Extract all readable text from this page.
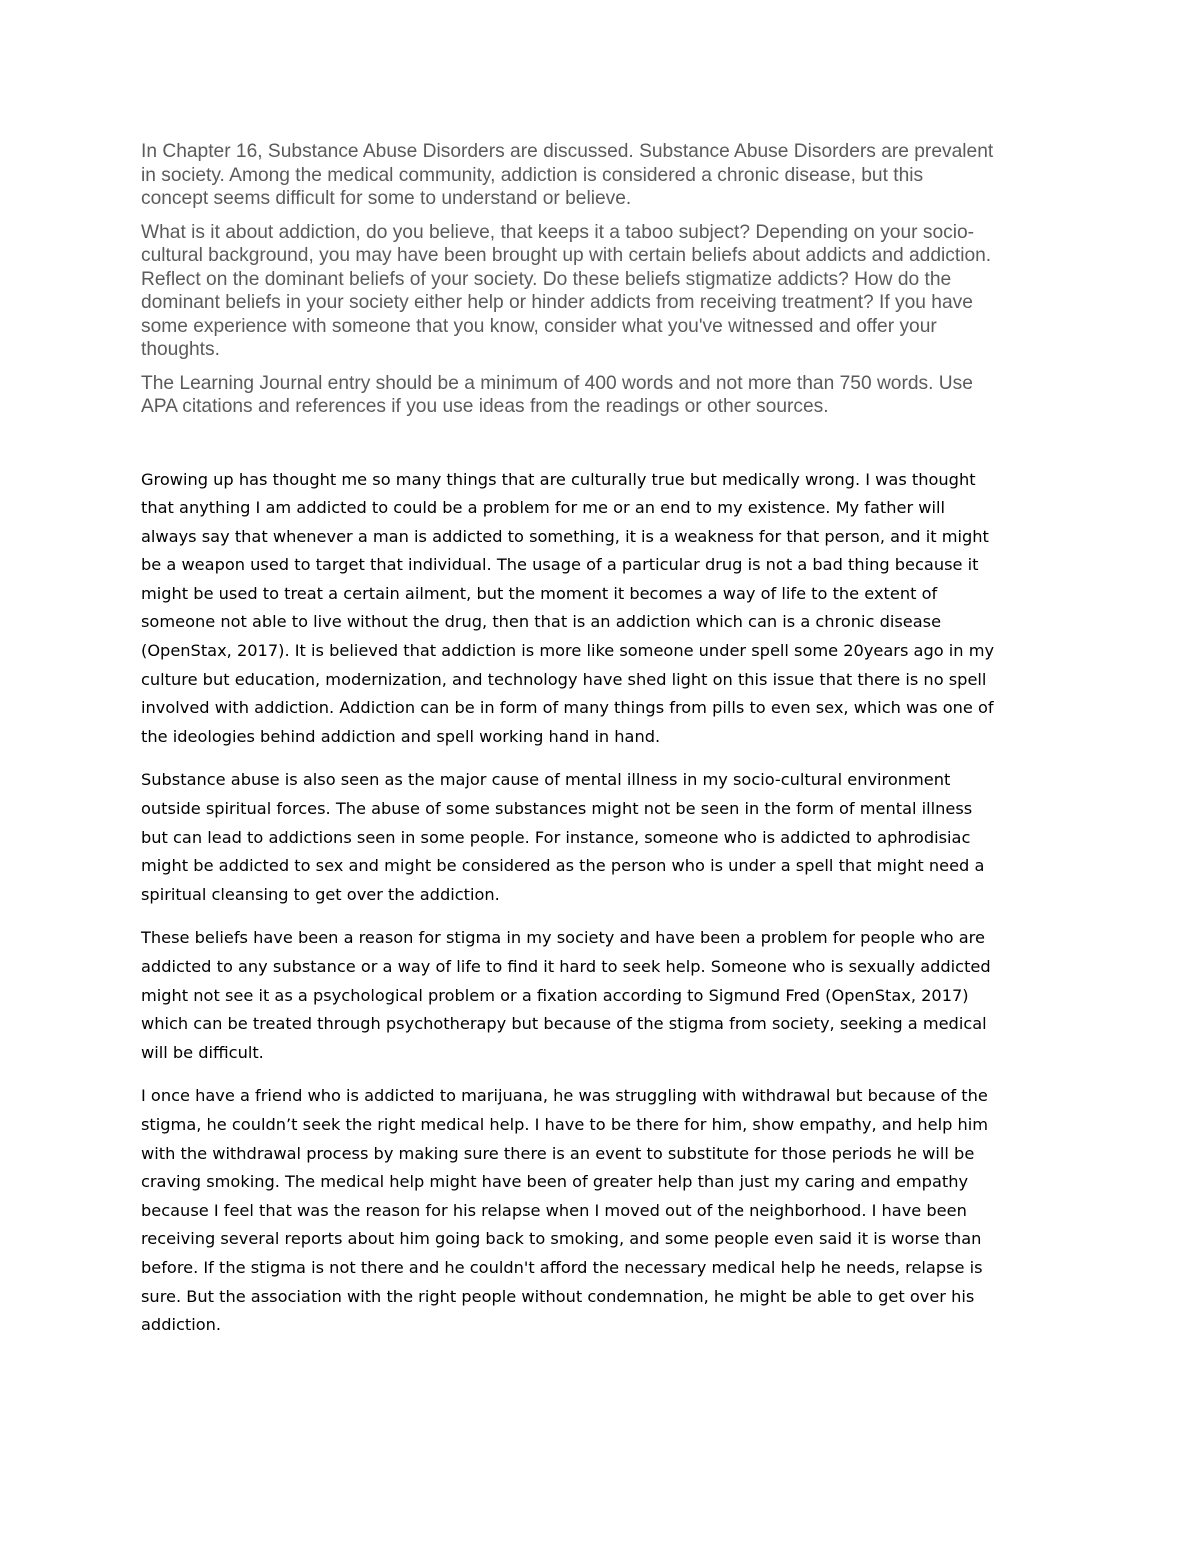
In Chapter 16, Substance Abuse Disorders are discussed. Substance Abuse Disorders are prevalent
in society. Among the medical community, addiction is considered a chronic disease, but this
concept seems difficult for some to understand or believe.

What is it about addiction, do you believe, that keeps it a taboo subject? Depending on your socio-
cultural background, you may have been brought up with certain beliefs about addicts and addiction.
Reflect on the dominant beliefs of your society. Do these beliefs stigmatize addicts? How do the
dominant beliefs in your society either help or hinder addicts from receiving treatment? If you have
some experience with someone that you know, consider what you've witnessed and offer your
thoughts.

The Learning Journal entry should be a minimum of 400 words and not more than 750 words. Use
APA citations and references if you use ideas from the readings or other sources.

Growing up has thought me so many things that are culturally true but medically wrong. I was thought
that anything I am addicted to could be a problem for me or an end to my existence. My father will
always say that whenever a man is addicted to something, it is a weakness for that person, and it might
be a weapon used to target that individual. The usage of a particular drug is not a bad thing because it
might be used to treat a certain ailment, but the moment it becomes a way of life to the extent of
someone not able to live without the drug, then that is an addiction which can is a chronic disease
(OpenStax, 2017). It is believed that addiction is more like someone under spell some 20years ago in my
culture but education, modernization, and technology have shed light on this issue that there is no spell
involved with addiction. Addiction can be in form of many things from pills to even sex, which was one of
the ideologies behind addiction and spell working hand in hand.

Substance abuse is also seen as the major cause of mental illness in my socio-cultural environment
outside spiritual forces. The abuse of some substances might not be seen in the form of mental illness
but can lead to addictions seen in some people. For instance, someone who is addicted to aphrodisiac
might be addicted to sex and might be considered as the person who is under a spell that might need a
spiritual cleansing to get over the addiction.

These beliefs have been a reason for stigma in my society and have been a problem for people who are
addicted to any substance or a way of life to find it hard to seek help. Someone who is sexually addicted
might not see it as a psychological problem or a fixation according to Sigmund Fred (OpenStax, 2017)
which can be treated through psychotherapy but because of the stigma from society, seeking a medical
will be difficult.

I once have a friend who is addicted to marijuana, he was struggling with withdrawal but because of the
stigma, he couldn’t seek the right medical help. I have to be there for him, show empathy, and help him
with the withdrawal process by making sure there is an event to substitute for those periods he will be
craving smoking. The medical help might have been of greater help than just my caring and empathy
because I feel that was the reason for his relapse when I moved out of the neighborhood. I have been
receiving several reports about him going back to smoking, and some people even said it is worse than
before. If the stigma is not there and he couldn't afford the necessary medical help he needs, relapse is
sure. But the association with the right people without condemnation, he might be able to get over his
addiction.
